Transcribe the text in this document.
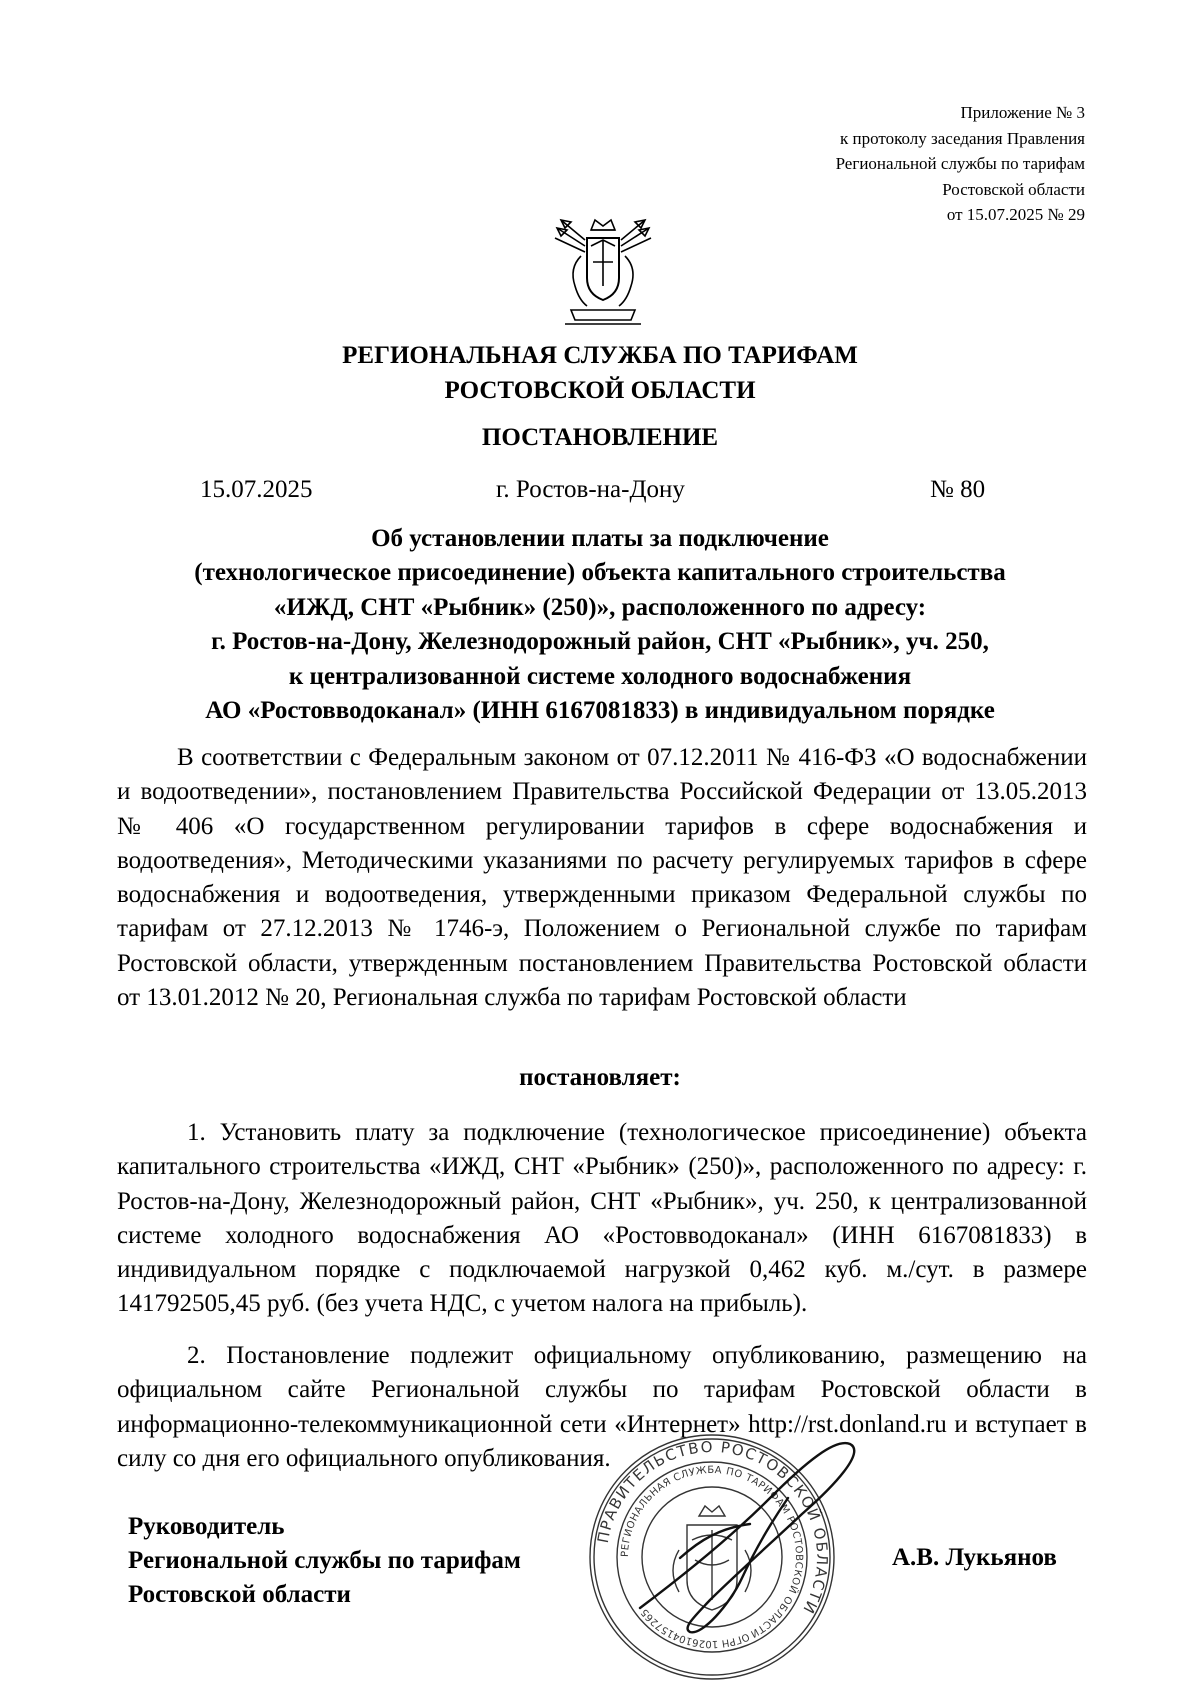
Приложение № 3
к протоколу заседания Правления
Региональной службы по тарифам
Ростовской области
от 15.07.2025 № 29
РЕГИОНАЛЬНАЯ СЛУЖБА ПО ТАРИФАМ
РОСТОВСКОЙ ОБЛАСТИ
ПОСТАНОВЛЕНИЕ
15.07.2025	г. Ростов-на-Дону	№ 80
Об установлении платы за подключение
(технологическое присоединение) объекта капитального строительства
«ИЖД, СНТ «Рыбник» (250)», расположенного по адресу:
г. Ростов-на-Дону, Железнодорожный район, СНТ «Рыбник», уч. 250,
к централизованной системе холодного водоснабжения
АО «Ростовводоканал» (ИНН 6167081833) в индивидуальном порядке
В соответствии с Федеральным законом от 07.12.2011 № 416-ФЗ «О водоснабжении и водоотведении», постановлением Правительства Российской Федерации от 13.05.2013 № 406 «О государственном регулировании тарифов в сфере водоснабжения и водоотведения», Методическими указаниями по расчету регулируемых тарифов в сфере водоснабжения и водоотведения, утвержденными приказом Федеральной службы по тарифам от 27.12.2013 № 1746-э, Положением о Региональной службе по тарифам Ростовской области, утвержденным постановлением Правительства Ростовской области от 13.01.2012 № 20, Региональная служба по тарифам Ростовской области
постановляет:
1. Установить плату за подключение (технологическое присоединение) объекта капитального строительства «ИЖД, СНТ «Рыбник» (250)», расположенного по адресу: г. Ростов-на-Дону, Железнодорожный район, СНТ «Рыбник», уч. 250, к централизованной системе холодного водоснабжения АО «Ростовводоканал» (ИНН 6167081833) в индивидуальном порядке с подключаемой нагрузкой 0,462 куб. м./сут. в размере 141792505,45 руб. (без учета НДС, с учетом налога на прибыль).
2. Постановление подлежит официальному опубликованию, размещению на официальном сайте Региональной службы по тарифам Ростовской области в информационно-телекоммуникационной сети «Интернет» http://rst.donland.ru и вступает в силу со дня его официального опубликования.
ПРАВИТЕЛЬСТВО РОСТОВСКОЙ ОБЛАСТИ
РЕГИОНАЛЬНАЯ СЛУЖБА ПО ТАРИФАМ РОСТОВСКОЙ ОБЛАСТИ
ОГРН 1026104157265
Руководитель
Региональной службы по тарифам
Ростовской области
А.В. Лукьянов
